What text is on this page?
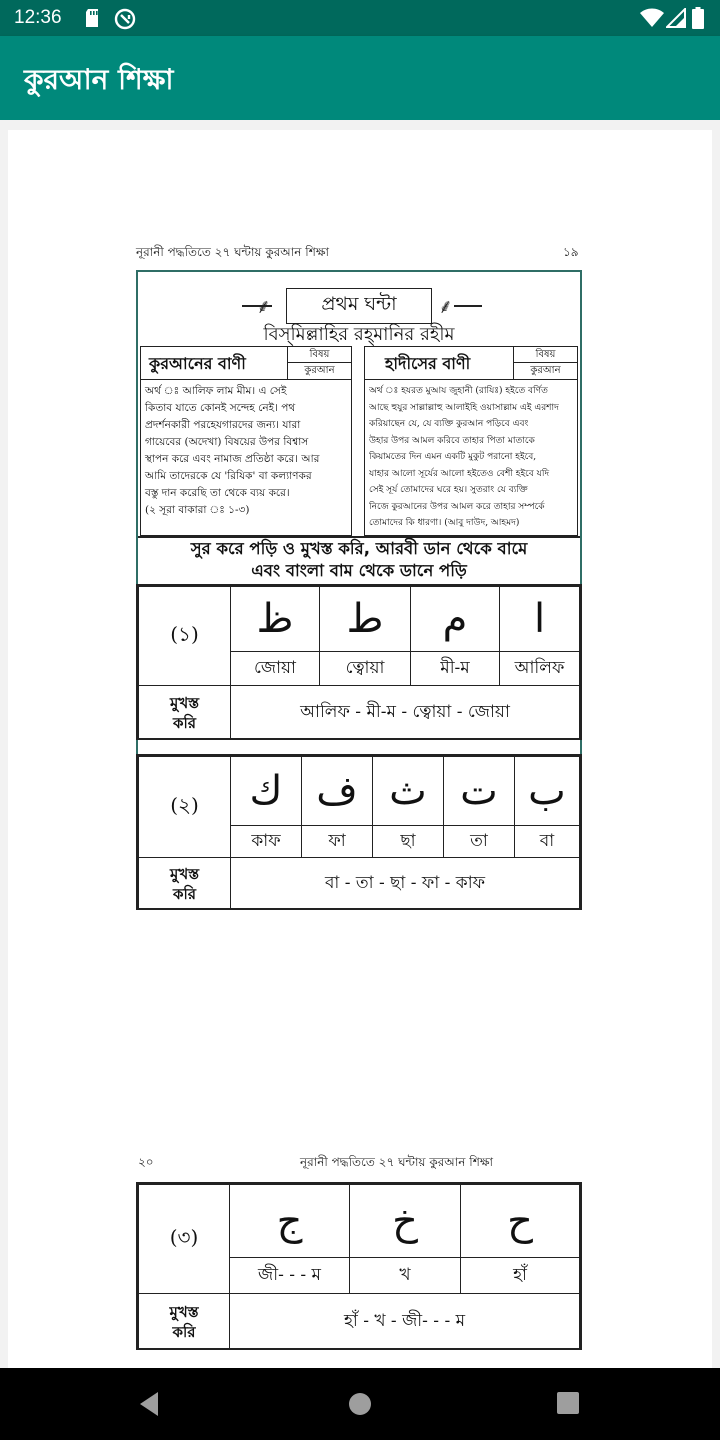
12:36
কুরআন শিক্ষা
নূরানী পদ্ধতিতে ২৭ ঘন্টায় কুরআন শিক্ষা	১৯
⸙	প্রথম ঘন্টা ⸙
বিস্‌মিল্লাহির রহ্‌মানির রহীম
কুরআনের বাণী	বিষয়
কুরআন
অর্থ ঃ আলিফ লাম মীম। এ সেই
কিতাব যাতে কোনই সন্দেহ নেই। পথ
প্রদর্শনকারী পরহেযগারদের জন্য। যারা
গায়েবের (অদেখা) বিষয়ের উপর বিশ্বাস
স্থাপন করে এবং নামাজ প্রতিষ্ঠা করে। আর
আমি তাদেরকে যে 'রিযিক' বা কল্যাণকর
বস্তু দান করেছি তা থেকে ব্যয় করে।
(২ সূরা বাকারা ঃ ১-৩)
হাদীসের বাণী	বিষয়
কুরআন
অর্থ ঃ হযরত মুআয জুহানী (রাযিঃ) হইতে বর্ণিত
আছে হুযুর সাল্লাল্লাহু আলাইহি ওয়াসাল্লাম এই এরশাদ
করিয়াছেন যে, যে ব্যক্তি কুরআন পড়িবে এবং
উহার উপর আমল করিবে তাহার পিতা মাতাকে
কিয়ামতের দিন এমন একটি মুকুট পরানো হইবে,
যাহার আলো সূর্যের আলো হইতেও বেশী হইবে যদি
সেই সূর্য তোমাদের ঘরে হয়। সুতরাং যে ব্যক্তি
নিজে কুরআনের উপর আমল করে তাহার সম্পর্কে
তোমাদের কি ধারণা। (আবু দাউদ, আহমদ)
সুর করে পড়ি ও মুখস্ত করি, আরবী ডান থেকে বামে
এবং বাংলা বাম থেকে ডানে পড়ি
(১)	ظ	ط	م	ا
জোয়া	ত্বোয়া	মী-ম	আলিফ
মুখস্ত
করি
আলিফ - মী-ম - ত্বোয়া - জোয়া
(২)	ك ف ث ت ب
কাফ	ফা	ছা	তা	বা
মুখস্ত
করি
বা - তা - ছা - ফা - কাফ
২০	নূরানী পদ্ধতিতে ২৭ ঘন্টায় কুরআন শিক্ষা
(৩)	ج	خ	ح
জী- - - ম	খ	হাঁ
মুখস্ত
করি
হাঁ - খ - জী- - - ম
